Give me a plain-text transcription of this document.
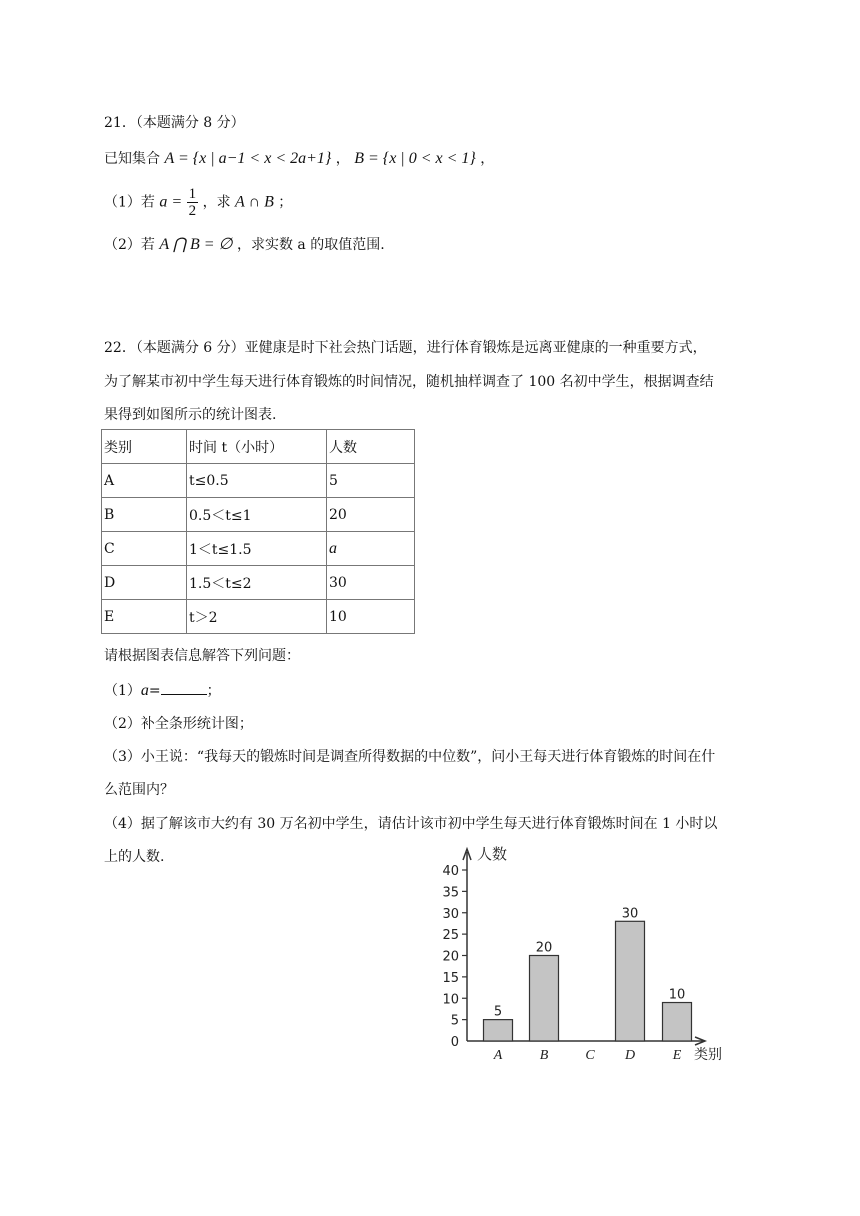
21．（本题满分 8 分）
已知集合 A = {x | a−1 < x < 2a+1} ， B = {x | 0 < x < 1} ，
（1）若 $a = \frac{1}{2}$ ，求 A ∩ B ；
（2）若 A ⋂ B = ∅ ，求实数 a 的取值范围.
22．（本题满分 6 分）亚健康是时下社会热门话题，进行体育锻炼是远离亚健康的一种重要方式，
为了解某市初中学生每天进行体育锻炼的时间情况，随机抽样调查了 100 名初中学生，根据调查结
果得到如图所示的统计图表.
类别	时间 t（小时）	人数
A	t≤0.5	5
B	0.5＜t≤1	20
C	1＜t≤1.5	a
D	1.5＜t≤2	30
E	t＞2	10
请根据图表信息解答下列问题：
（1）a=	；
（2）补全条形统计图；
（3）小王说：“我每天的锻炼时间是调查所得数据的中位数”，问小王每天进行体育锻炼的时间在什
么范围内？
（4）据了解该市大约有 30 万名初中学生，请估计该市初中学生每天进行体育锻炼时间在 1 小时以
上的人数.
0
5
10
15
20
25
30
35
40
人数
类别
A
5
B
20
C D
30
E
10
